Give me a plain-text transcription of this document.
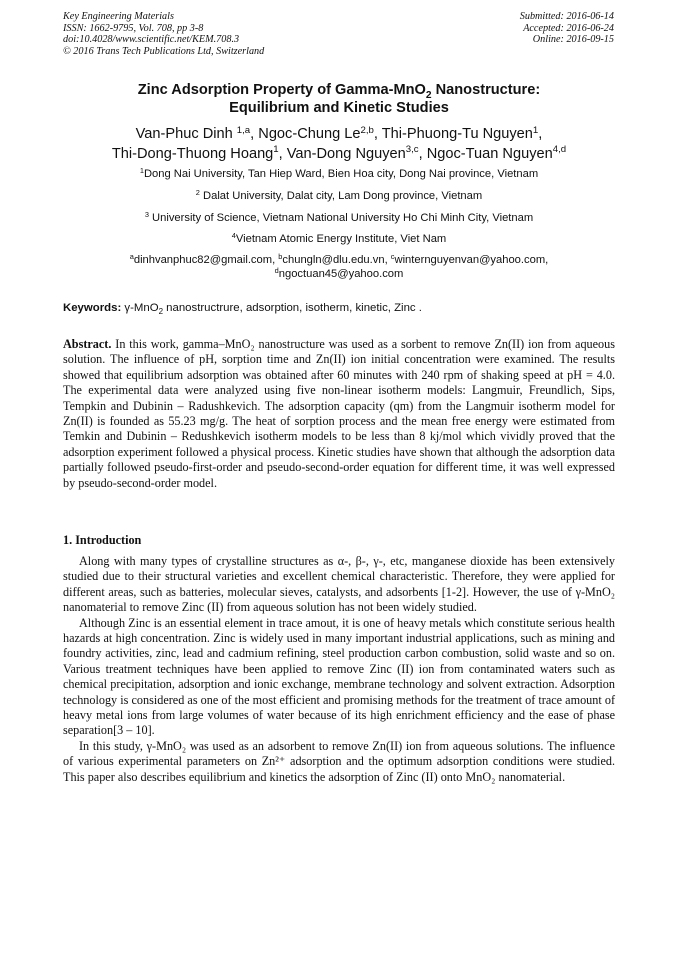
Key Engineering Materials
ISSN: 1662-9795, Vol. 708, pp 3-8
doi:10.4028/www.scientific.net/KEM.708.3
© 2016 Trans Tech Publications Ltd, Switzerland
Submitted: 2016-06-14
Accepted: 2016-06-24
Online: 2016-09-15
Zinc Adsorption Property of Gamma-MnO$_2$ Nanostructure:
Equilibrium and Kinetic Studies
Van-Phuc Dinh $^{1,a}$, Ngoc-Chung Le$^{2,b}$, Thi-Phuong-Tu Nguyen$^1$,
Thi-Dong-Thuong Hoang$^1$, Van-Dong Nguyen$^{3,c}$, Ngoc-Tuan Nguyen$^{4,d}$
$^1$Dong Nai University, Tan Hiep Ward, Bien Hoa city, Dong Nai province, Vietnam
$^2$ Dalat University, Dalat city, Lam Dong province, Vietnam
$^3$ University of Science, Vietnam National University Ho Chi Minh City, Vietnam
$^4$Vietnam Atomic Energy Institute, Viet Nam
$^a$dinhvanphuc82@gmail.com, $^b$chungln@dlu.edu.vn, $^c$winternguyenvan@yahoo.com,
$^d$ngoctuan45@yahoo.com
Keywords: γ-MnO$_2$ nanostructrure, adsorption, isotherm, kinetic, Zinc .
Abstract. In this work, gamma–MnO₂ nanostructure was used as a sorbent to remove Zn(II) ion from aqueous solution. The influence of pH, sorption time and Zn(II) ion initial concentration were examined. The results showed that equilibrium adsorption was obtained after 60 minutes with 240 rpm of shaking speed at pH = 4.0. The experimental data were analyzed using five non-linear isotherm models: Langmuir, Freundlich, Sips, Tempkin and Dubinin – Radushkevich. The adsorption capacity (qm) from the Langmuir isotherm model for Zn(II) is founded as 55.23 mg/g. The heat of sorption process and the mean free energy were estimated from Temkin and Dubinin – Redushkevich isotherm models to be less than 8 kj/mol which vividly proved that the adsorption experiment followed a physical process. Kinetic studies have shown that although the adsorption data partially followed pseudo-first-order and pseudo-second-order equation for different time, it was well expressed by pseudo-second-order model.
1. Introduction

Along with many types of crystalline structures as α-, β-, γ-, etc, manganese dioxide has been extensively studied due to their structural varieties and excellent chemical characteristic. Therefore, they were applied for different areas, such as batteries, molecular sieves, catalysts, and adsorbents [1-2]. However, the use of γ-MnO₂ nanomaterial to remove Zinc (II) from aqueous solution has not been widely studied.

Although Zinc is an essential element in trace amout, it is one of heavy metals which constitute serious health hazards at high concentration. Zinc is widely used in many important industrial applications, such as mining and foundry activities, zinc, lead and cadmium refining, steel production carbon combustion, solid waste and so on. Various treatment techniques have been applied to remove Zinc (II) ion from contaminated waters such as chemical precipitation, adsorption and ionic exchange, membrane technology and solvent extraction. Adsorption technology is considered as one of the most efficient and promising methods for the treatment of trace amount of heavy metal ions from large volumes of water because of its high enrichment efficiency and the ease of phase separation[3 – 10].

In this study, γ-MnO₂ was used as an adsorbent to remove Zn(II) ion from aqueous solutions. The influence of various experimental parameters on Zn²⁺ adsorption and the optimum adsorption conditions were studied. This paper also describes equilibrium and kinetics the adsorption of Zinc (II) onto MnO₂ nanomaterial.
